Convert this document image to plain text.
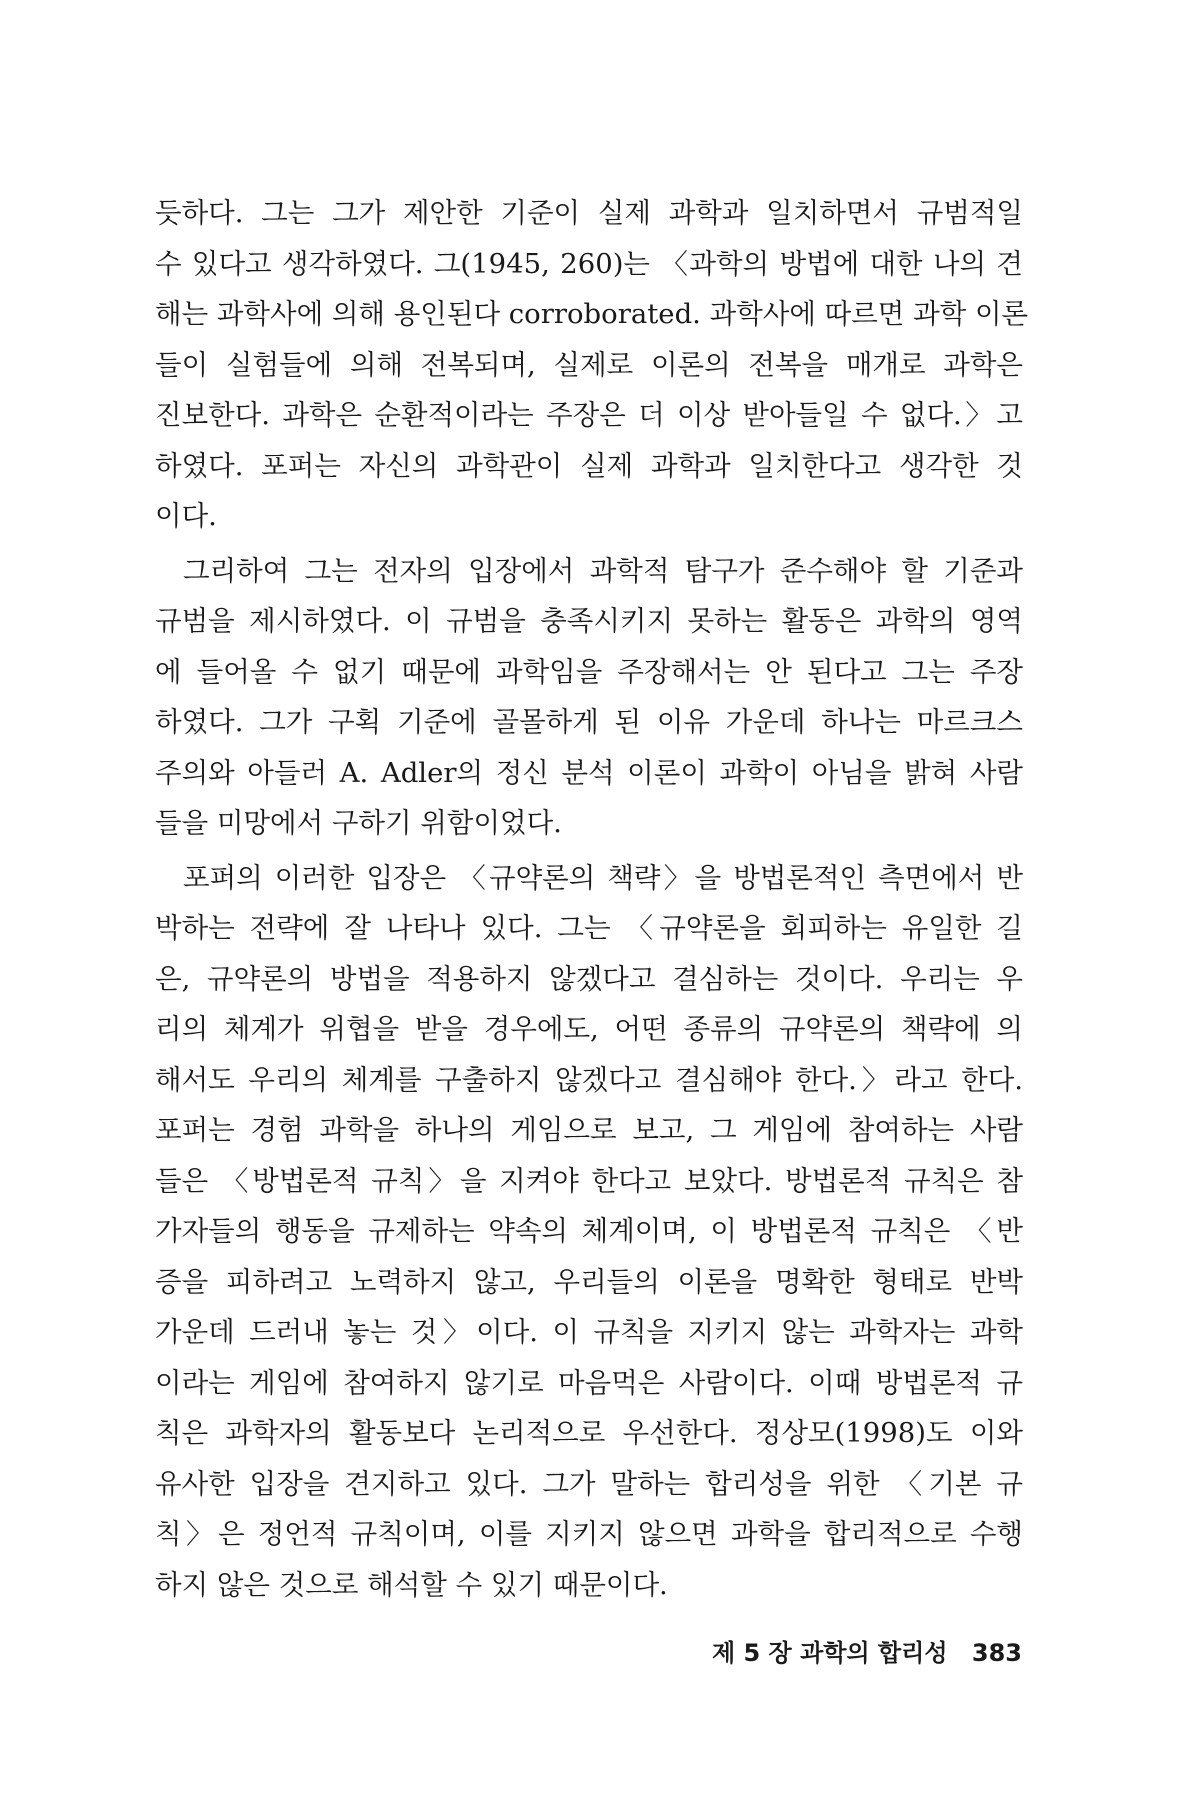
듯하다. 그는 그가 제안한 기준이 실제 과학과 일치하면서 규범적일
수 있다고 생각하였다. 그(1945, 260)는 〈과학의 방법에 대한 나의 견
해는 과학사에 의해 용인된다 corroborated. 과학사에 따르면 과학 이론
들이 실험들에 의해 전복되며, 실제로 이론의 전복을 매개로 과학은
진보한다. 과학은 순환적이라는 주장은 더 이상 받아들일 수 없다.〉고
하였다. 포퍼는 자신의 과학관이 실제 과학과 일치한다고 생각한 것
이다.
그리하여 그는 전자의 입장에서 과학적 탐구가 준수해야 할 기준과
규범을 제시하였다. 이 규범을 충족시키지 못하는 활동은 과학의 영역
에 들어올 수 없기 때문에 과학임을 주장해서는 안 된다고 그는 주장
하였다. 그가 구획 기준에 골몰하게 된 이유 가운데 하나는 마르크스
주의와 아들러 A. Adler의 정신 분석 이론이 과학이 아님을 밝혀 사람
들을 미망에서 구하기 위함이었다.
포퍼의 이러한 입장은 〈규약론의 책략〉을 방법론적인 측면에서 반
박하는 전략에 잘 나타나 있다. 그는 〈규약론을 회피하는 유일한 길
은, 규약론의 방법을 적용하지 않겠다고 결심하는 것이다. 우리는 우
리의 체계가 위협을 받을 경우에도, 어떤 종류의 규약론의 책략에 의
해서도 우리의 체계를 구출하지 않겠다고 결심해야 한다.〉라고 한다.
포퍼는 경험 과학을 하나의 게임으로 보고, 그 게임에 참여하는 사람
들은 〈방법론적 규칙〉을 지켜야 한다고 보았다. 방법론적 규칙은 참
가자들의 행동을 규제하는 약속의 체계이며, 이 방법론적 규칙은 〈반
증을 피하려고 노력하지 않고, 우리들의 이론을 명확한 형태로 반박
가운데 드러내 놓는 것〉이다. 이 규칙을 지키지 않는 과학자는 과학
이라는 게임에 참여하지 않기로 마음먹은 사람이다. 이때 방법론적 규
칙은 과학자의 활동보다 논리적으로 우선한다. 정상모(1998)도 이와
유사한 입장을 견지하고 있다. 그가 말하는 합리성을 위한 〈기본 규
칙〉은 정언적 규칙이며, 이를 지키지 않으면 과학을 합리적으로 수행
하지 않은 것으로 해석할 수 있기 때문이다.
제 5 장 과학의 합리성 383
